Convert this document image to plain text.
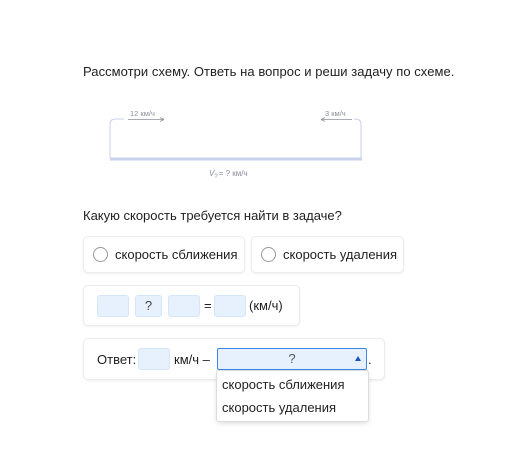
Рассмотри схему. Ответь на вопрос и реши задачу по схеме.
12 км/ч	3 км/ч
$V_?=$ ? км/ч
Какую скорость требуется найти в задаче?
скорость сближения	скорость удаления
?	=	(км/ч)
Ответ:	км/ч –	?	.
скорость сближения
скорость удаления
